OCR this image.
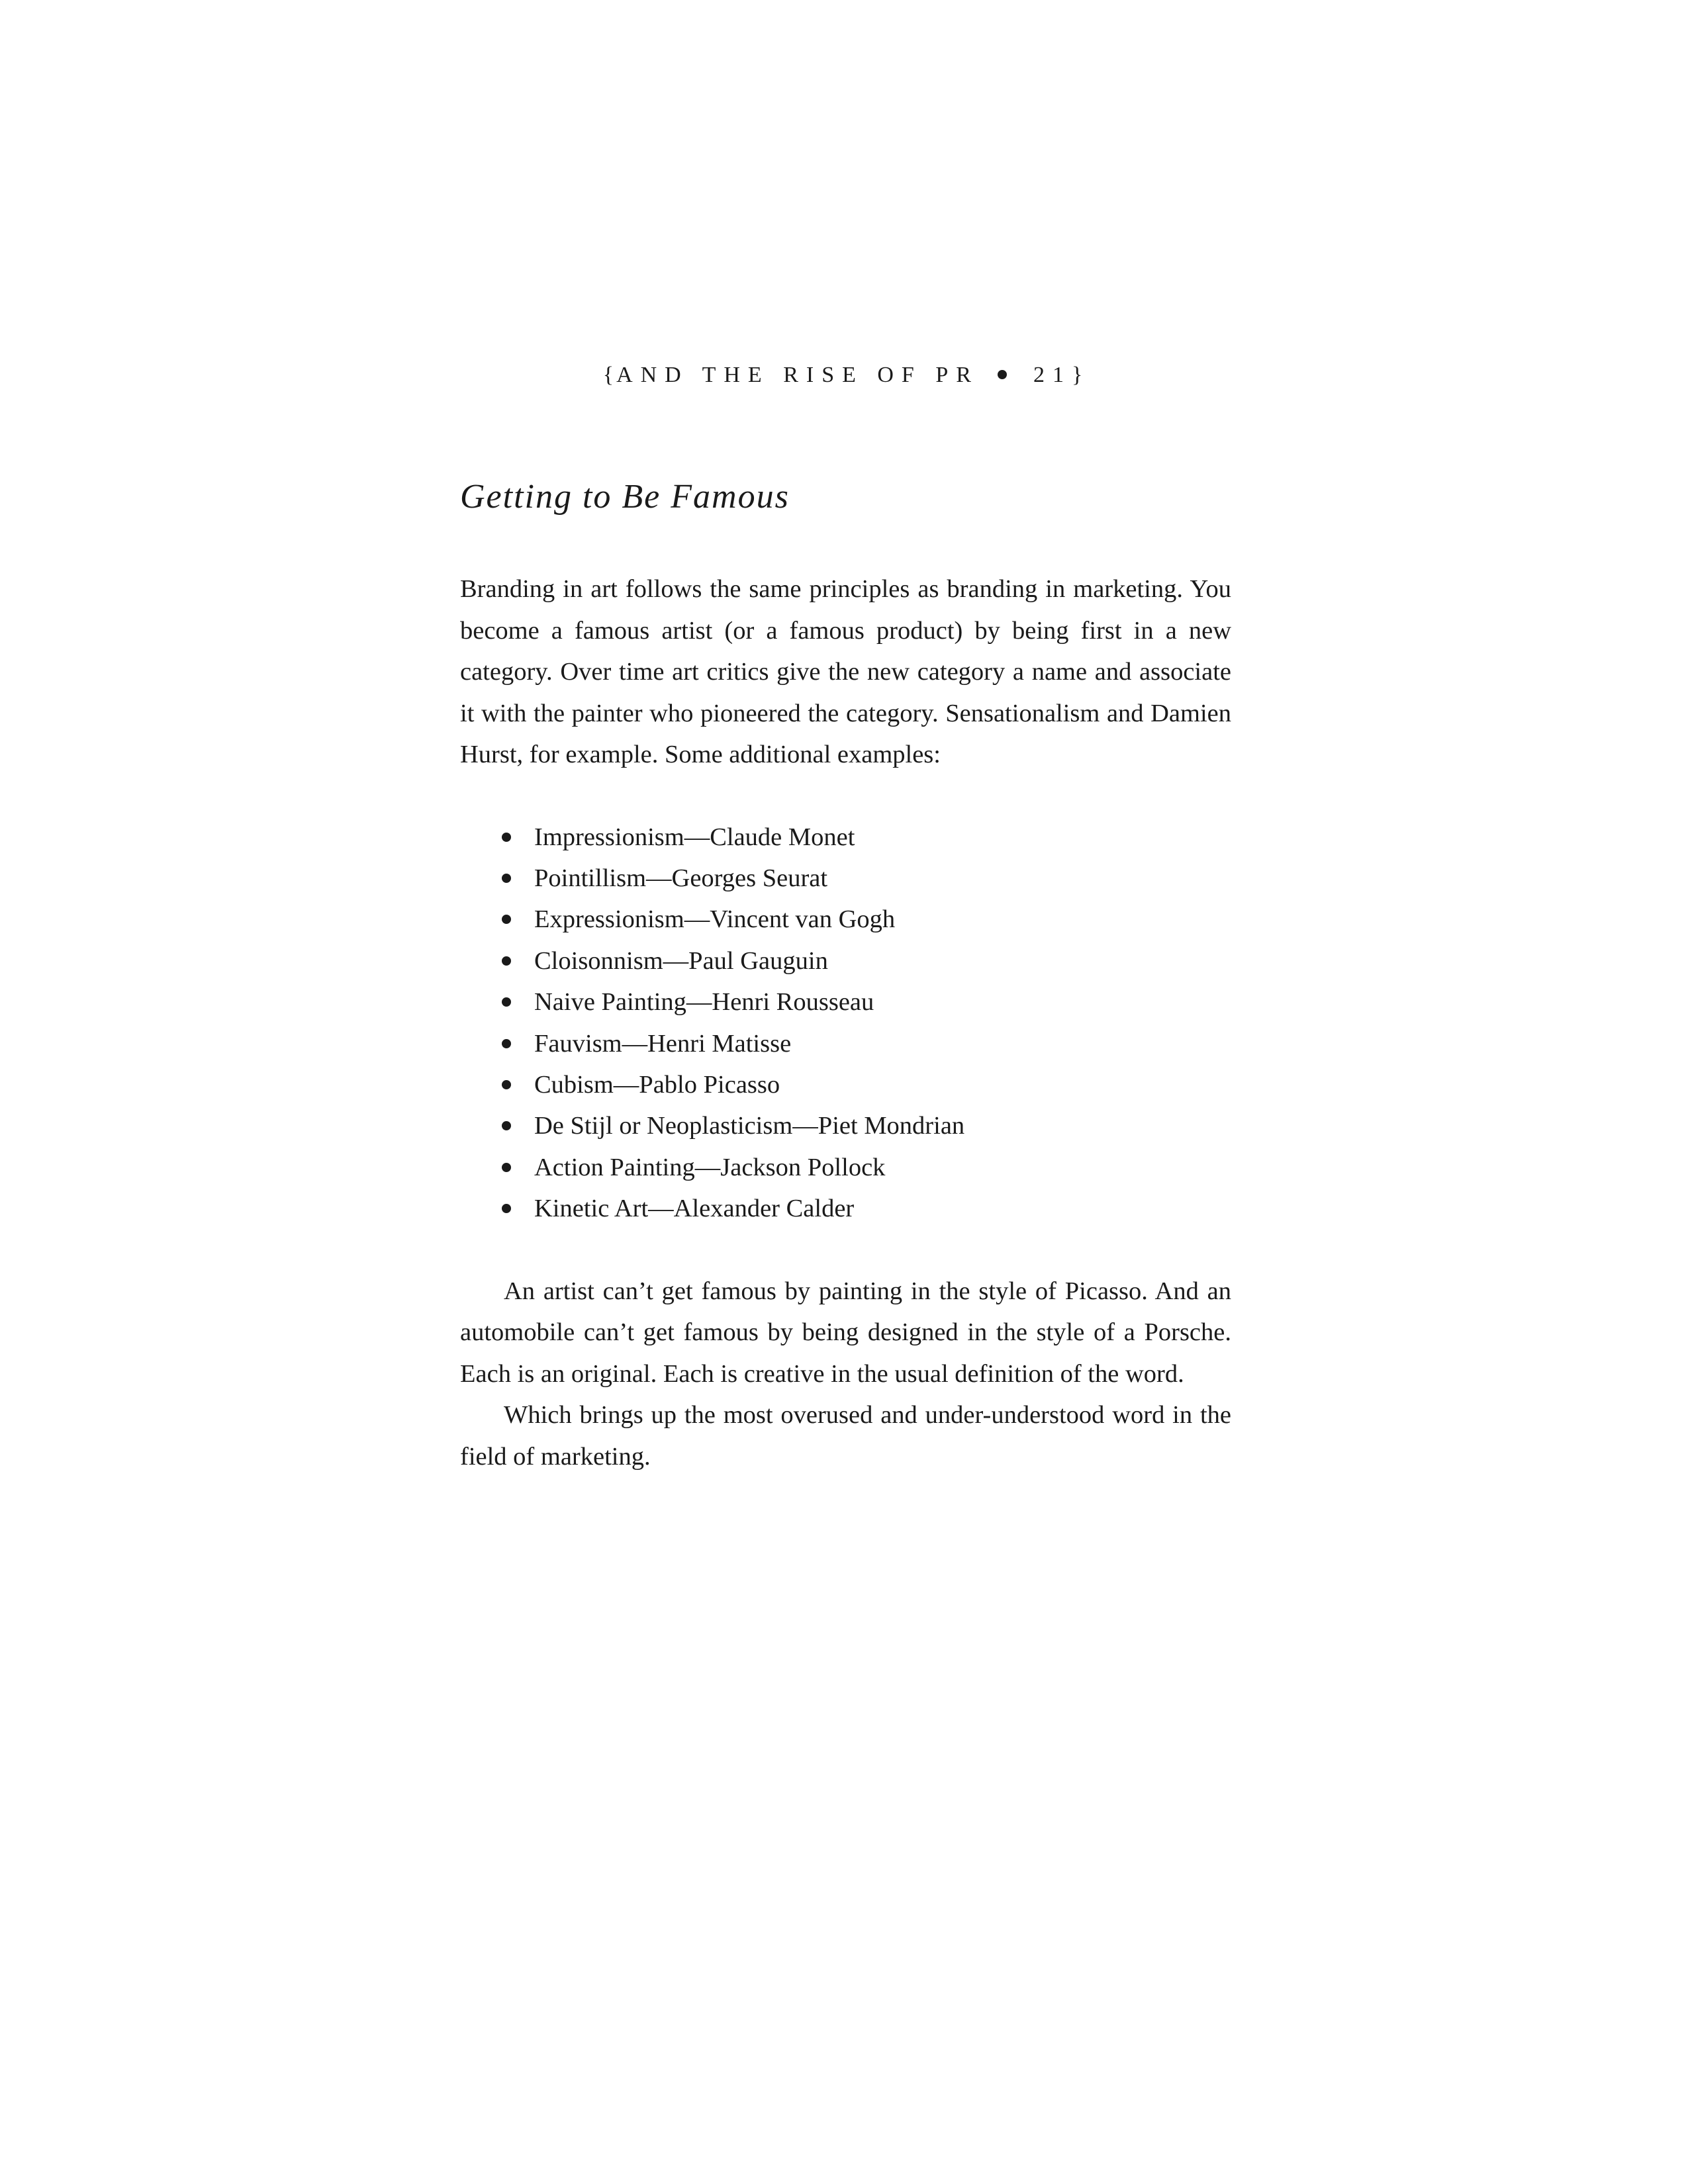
{AND THE RISE OF PR 21}
Getting to Be Famous

Branding in art follows the same principles as branding in marketing. You become a famous artist (or a famous product) by being first in a new category. Over time art critics give the new category a name and associate it with the painter who pioneered the category. Sensationalism and Damien Hurst, for example. Some additional examples:

Impressionism—Claude Monet
Pointillism—Georges Seurat
Expressionism—Vincent van Gogh
Cloisonnism—Paul Gauguin
Naive Painting—Henri Rousseau
Fauvism—Henri Matisse
Cubism—Pablo Picasso
De Stijl or Neoplasticism—Piet Mondrian
Action Painting—Jackson Pollock
Kinetic Art—Alexander Calder

An artist can’t get famous by painting in the style of Picasso. And an automobile can’t get famous by being designed in the style of a Porsche. Each is an original. Each is creative in the usual definition of the word.

Which brings up the most overused and under-understood word in the field of marketing.
